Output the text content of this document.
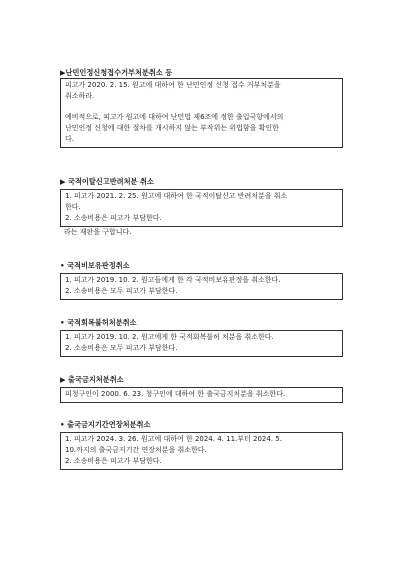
▶난민인정신청접수거부처분취소 등

피고가 2020. 2. 15. 원고에 대하여 한 난민인정 신청 접수 거부처분을

취소하라.

예비적으로, 피고가 원고에 대하여 난민법 제6조에 정한 출입국항에서의

난민인정 신청에 대한 절차를 개시하지 않는 부작위는 위법함을 확인한

다.

▶ 국적이탈신고반려처분 취소

1. 피고가 2021. 2. 25. 원고에 대하여 한 국적이탈신고 반려처분을 취소

한다.

2. 소송비용은 피고가 부담한다.

라는 재판을 구합니다.
• 국적비보유판정취소

1. 피고가 2019. 10. 2. 원고들에게 한 각 국적비보유판정을 취소한다.

2. 소송비용은 모두 피고가 부담한다.

• 국적회복불허처분취소

1. 피고가 2019. 10. 2. 원고에게 한 국적회복불허 처분을 취소한다.

2. 소송비용은 모두 피고가 부담한다.

▶ 출국금지처분취소

피청구인이 2000. 6. 23. 청구인에 대하여 한 출국금지처분을 취소한다.

• 출국금지기간연장처분취소

1. 피고가 2024. 3. 26. 원고에 대하여 한 2024. 4. 11.부터 2024. 5.

10.까지의 출국금지기간 연장처분을 취소한다.

2. 소송비용은 피고가 부담한다.
